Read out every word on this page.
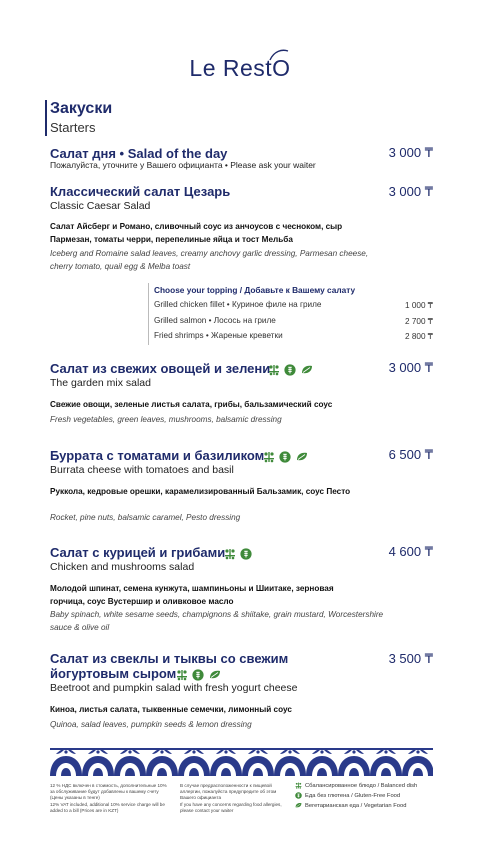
Le RestO
Закуски
Starters
Салат дня • Salad of the day
Пожалуйста, уточните у Вашего официанта • Please ask your waiter
3 000 ₸
Классический салат Цезарь
Classic Caesar Salad
3 000 ₸
Салат Айсберг и Романо, сливочный соус из анчоусов с чесноком, сыр Пармезан, томаты черри, перепелиные яйца и тост Мельба
Iceberg and Romaine salad leaves, creamy anchovy garlic dressing, Parmesan cheese, cherry tomato, quail egg & Melba toast
Choose your topping / Добавьте к Вашему салату
Grilled chicken fillet • Куриное филе на гриле	1 000 ₸
Grilled salmon • Лосось на гриле	2 700 ₸
Fried shrimps • Жареные креветки	2 800 ₸
Салат из свежих овощей и зелени

The garden mix salad
3 000 ₸
Свежие овощи, зеленые листья салата, грибы, бальзамический соус
Fresh vegetables, green leaves, mushrooms, balsamic dressing
Буррата с томатами и базиликом

Burrata cheese with tomatoes and basil
6 500 ₸
Руккола, кедровые орешки, карамелизированный Бальзамик, соус Песто
Rocket, pine nuts, balsamic caramel, Pesto dressing
Салат с курицей и грибами

Chicken and mushrooms salad
4 600 ₸
Молодой шпинат, семена кунжута, шампиньоны и Шиитаке, зерновая горчица, соус Вустершир и оливковое масло
Baby spinach, white sesame seeds, champignons & shiitake, grain mustard, Worcestershire sauce & olive oil
Салат из свеклы и тыквы со свежим
йогуртовым сыром

Beetroot and pumpkin salad with fresh yogurt cheese
3 500 ₸
Киноа, листья салата, тыквенные семечки, лимонный соус
Quinoa, salad leaves, pumpkin seeds & lemon dressing
12 % НДС включен в стоимость, дополнительные 10% за обслуживание будут добавлены к вашему счету (Цены указаны в тенге)
12% VAT included, additional 10% service charge will be added to a bill (Prices are in KZT)
В случае предрасположенности к пищевой аллергии, пожалуйста предупредите об этом Вашего официанта
If you have any concerns regarding food allergies, please contact your waiter
Сбалансированное блюдо / Balanced dish
Еда без глютена / Gluten-Free Food
Вегетарианская еда / Vegetarian Food
